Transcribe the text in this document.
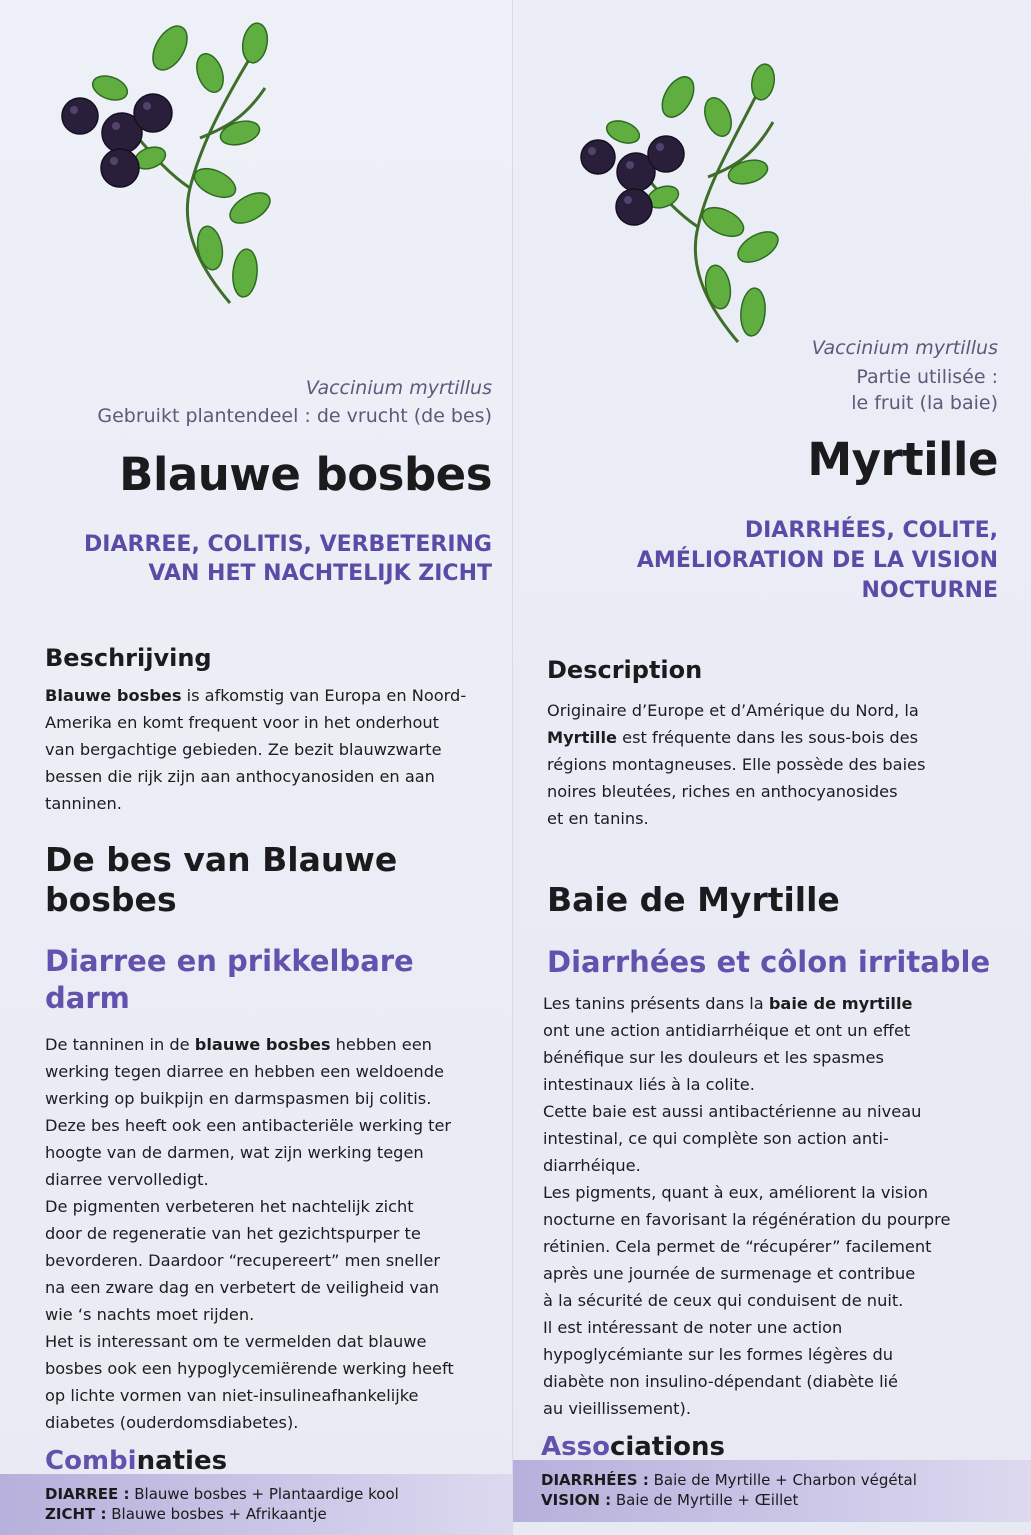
Vaccinium myrtillus
Gebruikt plantendeel : de vrucht (de bes)
Blauwe bosbes
DIARREE, COLITIS, VERBETERING
VAN HET NACHTELIJK ZICHT
Beschrijving
Blauwe bosbes is afkomstig van Europa en Noord-
Amerika en komt frequent voor in het onderhout
van bergachtige gebieden. Ze bezit blauwzwarte
bessen die rijk zijn aan anthocyanosiden en aan
tanninen.
De bes van Blauwe
bosbes
Diarree en prikkelbare
darm
De tanninen in de blauwe bosbes hebben een
werking tegen diarree en hebben een weldoende
werking op buikpijn en darmspasmen bij colitis.
Deze bes heeft ook een antibacteriële werking ter
hoogte van de darmen, wat zijn werking tegen
diarree vervolledigt.
De pigmenten verbeteren het nachtelijk zicht
door de regeneratie van het gezichtspurper te
bevorderen. Daardoor “recupereert” men sneller
na een zware dag en verbetert de veiligheid van
wie ‘s nachts moet rijden.
Het is interessant om te vermelden dat blauwe
bosbes ook een hypoglycemiërende werking heeft
op lichte vormen van niet-insulineafhankelijke
diabetes (ouderdomsdiabetes).
Combinaties
DIARREE : Blauwe bosbes + Plantaardige kool
ZICHT : Blauwe bosbes + Afrikaantje
Vaccinium myrtillus
Partie utilisée :
le fruit (la baie)
Myrtille
DIARRHÉES, COLITE,
AMÉLIORATION DE LA VISION
NOCTURNE
Description
Originaire d’Europe et d’Amérique du Nord, la
Myrtille est fréquente dans les sous-bois des
régions montagneuses. Elle possède des baies
noires bleutées, riches en anthocyanosides
et en tanins.
Baie de Myrtille
Diarrhées et côlon irritable
Les tanins présents dans la baie de myrtille
ont une action antidiarrhéique et ont un effet
bénéfique sur les douleurs et les spasmes
intestinaux liés à la colite.
Cette baie est aussi antibactérienne au niveau
intestinal, ce qui complète son action anti-
diarrhéique.
Les pigments, quant à eux, améliorent la vision
nocturne en favorisant la régénération du pourpre
rétinien. Cela permet de “récupérer” facilement
après une journée de surmenage et contribue
à la sécurité de ceux qui conduisent de nuit.
Il est intéressant de noter une action
hypoglycémiante sur les formes légères du
diabète non insulino-dépendant (diabète lié
au vieillissement).
Associations
DIARRHÉES : Baie de Myrtille + Charbon végétal
VISION : Baie de Myrtille + Œillet
